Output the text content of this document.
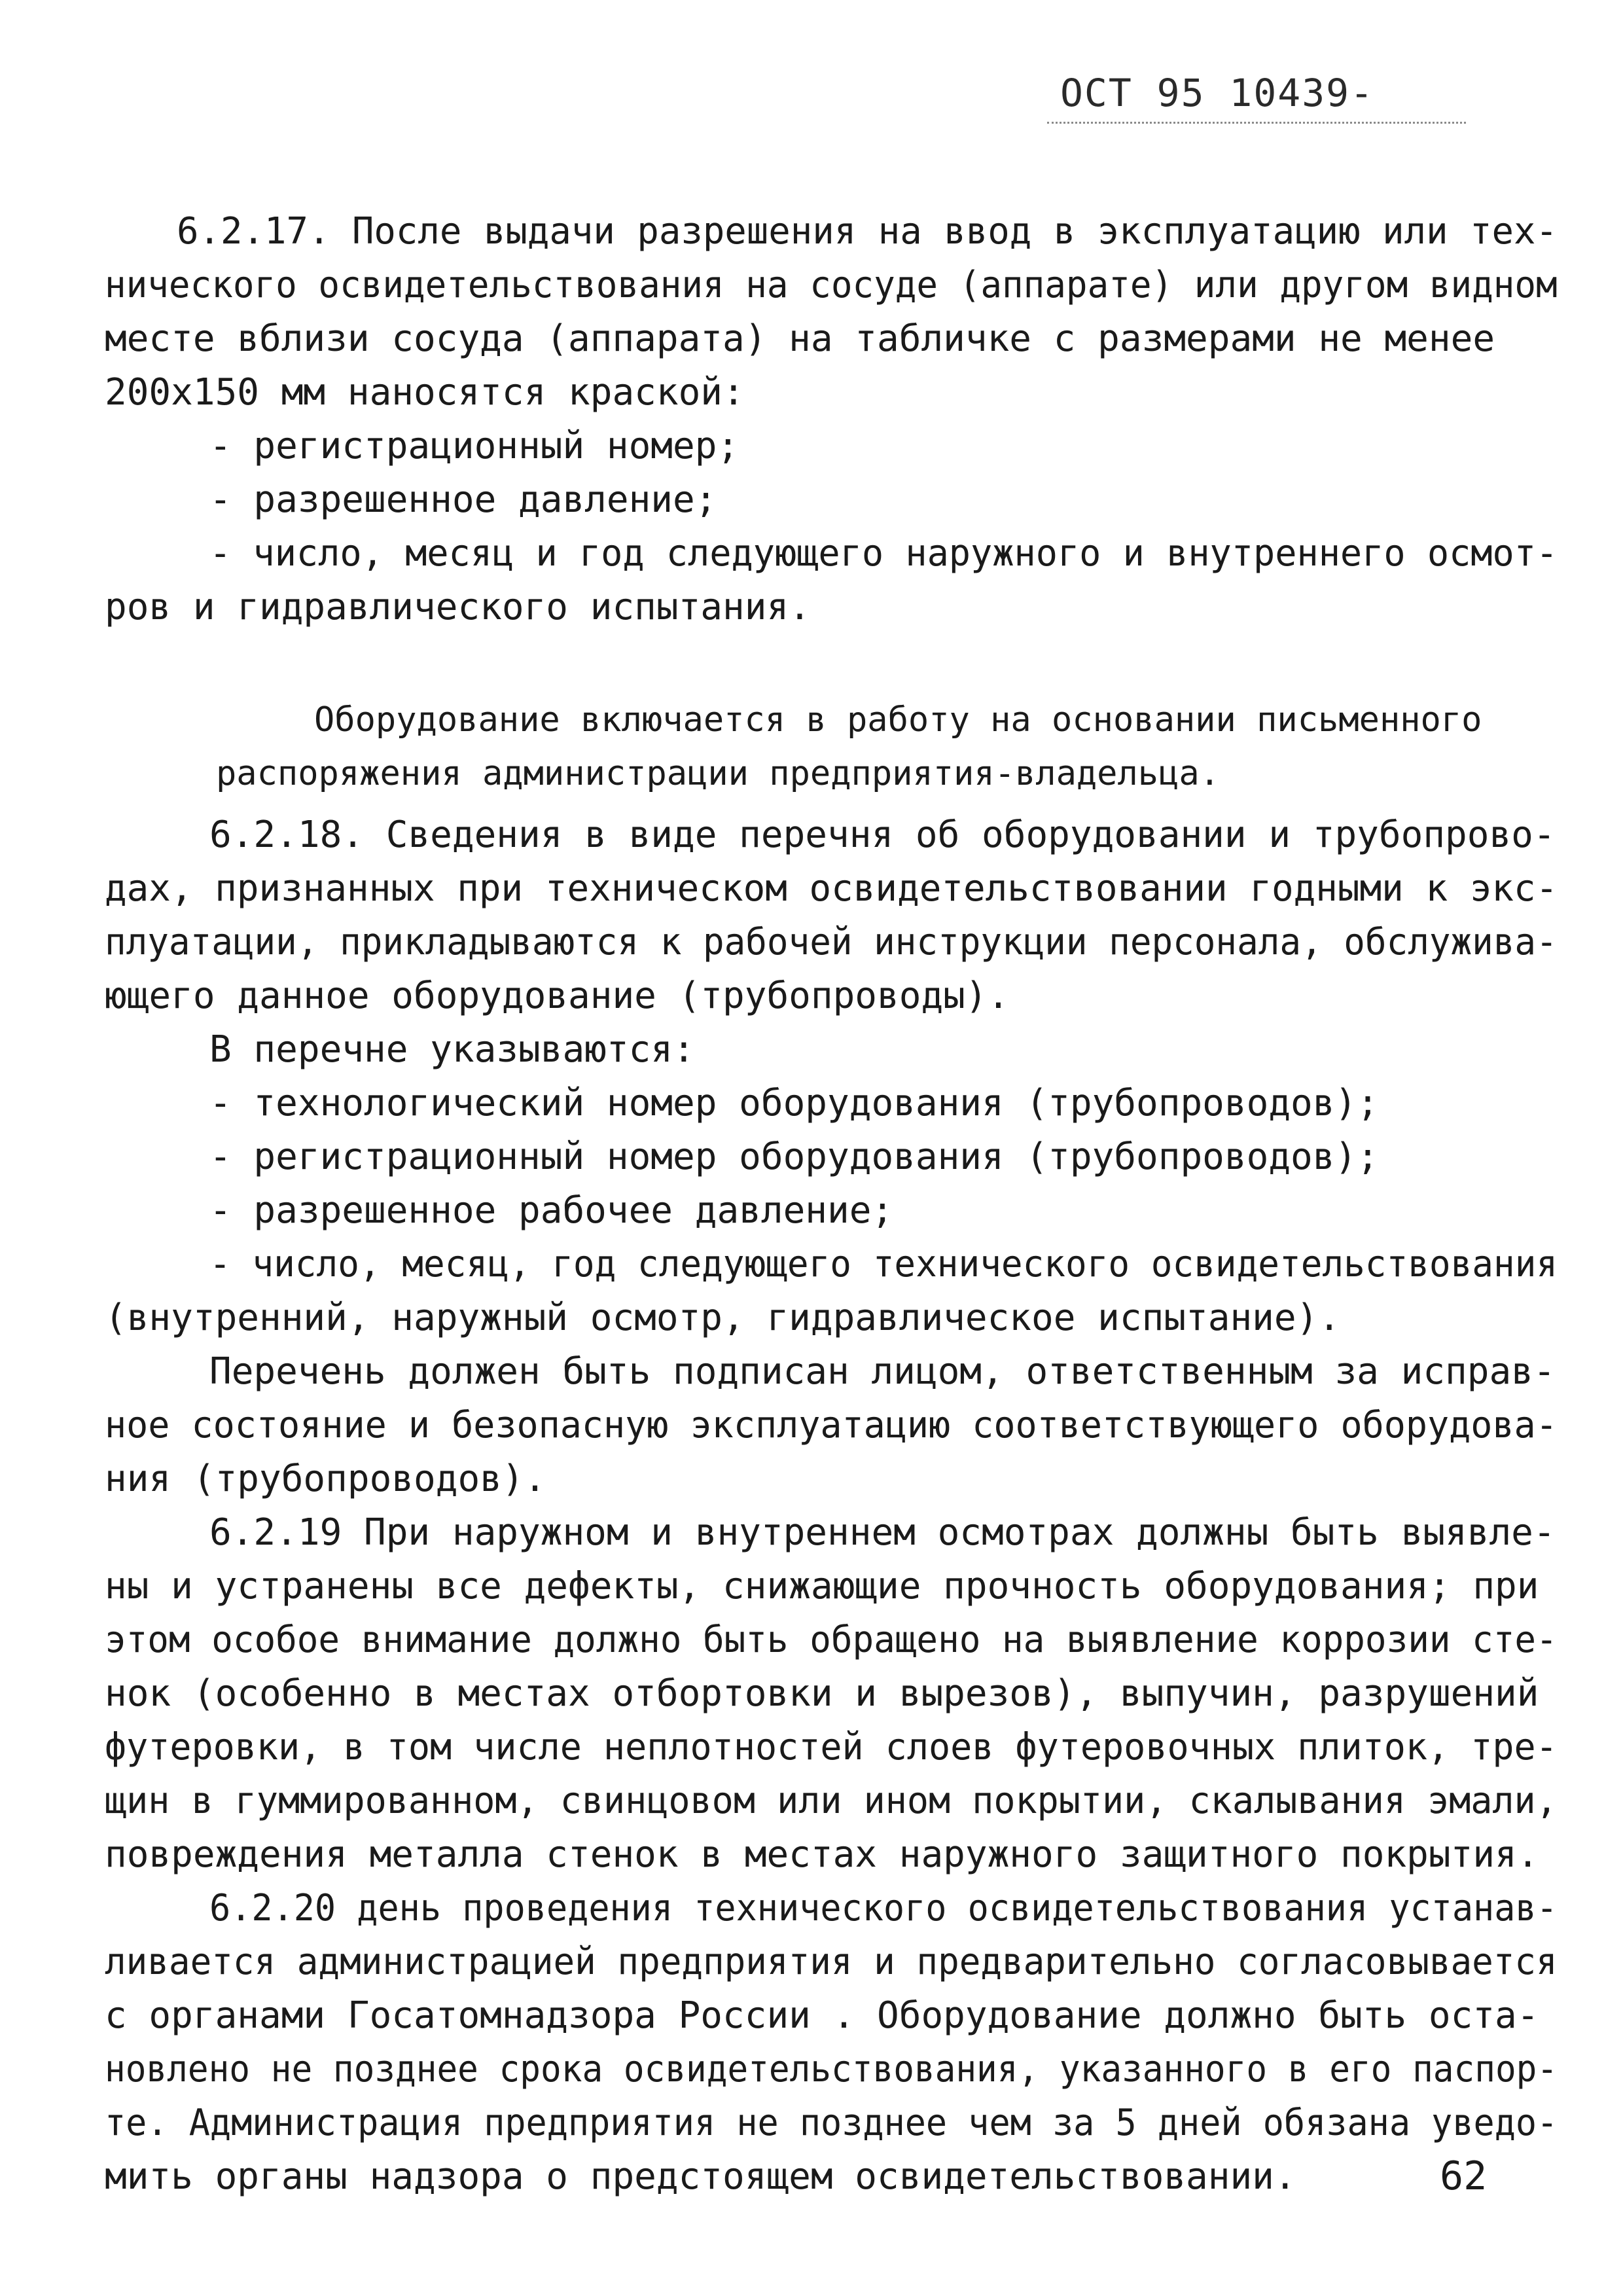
ОСТ 95 10439-
6.2.17. После выдачи разрешения на ввод в эксплуатацию или тех-
нического освидетельствования на сосуде (аппарате) или другом видном
месте вблизи сосуда (аппарата) на табличке с размерами не менее
200х150 мм наносятся краской:
- регистрационный номер;
- разрешенное давление;
- число, месяц и год следующего наружного и внутреннего осмот-
ров и гидравлического испытания.
Оборудование включается в работу на основании письменного
распоряжения администрации предприятия-владельца.
6.2.18. Сведения в виде перечня об оборудовании и трубопрово-
дах, признанных при техническом освидетельствовании годными к экс-
плуатации, прикладываются к рабочей инструкции персонала, обслужива-
ющего данное оборудование (трубопроводы).
В перечне указываются:
- технологический номер оборудования (трубопроводов);
- регистрационный номер оборудования (трубопроводов);
- разрешенное рабочее давление;
- число, месяц, год следующего технического освидетельствования
(внутренний, наружный осмотр, гидравлическое испытание).
Перечень должен быть подписан лицом, ответственным за исправ-
ное состояние и безопасную эксплуатацию соответствующего оборудова-
ния (трубопроводов).
6.2.19 При наружном и внутреннем осмотрах должны быть выявле-
ны и устранены все дефекты, снижающие прочность оборудования; при
этом особое внимание должно быть обращено на выявление коррозии сте-
нок (особенно в местах отбортовки и вырезов), выпучин, разрушений
футеровки, в том числе неплотностей слоев футеровочных плиток, тре-
щин в гуммированном, свинцовом или ином покрытии, скалывания эмали,
повреждения металла стенок в местах наружного защитного покрытия.
6.2.20 день проведения технического освидетельствования устанав-
ливается администрацией предприятия и предварительно согласовывается
с органами Госатомнадзора России . Оборудование должно быть оста-
новлено не позднее срока освидетельствования, указанного в его паспор-
те. Администрация предприятия не позднее чем за 5 дней обязана уведо-
мить органы надзора о предстоящем освидетельствовании.	62
